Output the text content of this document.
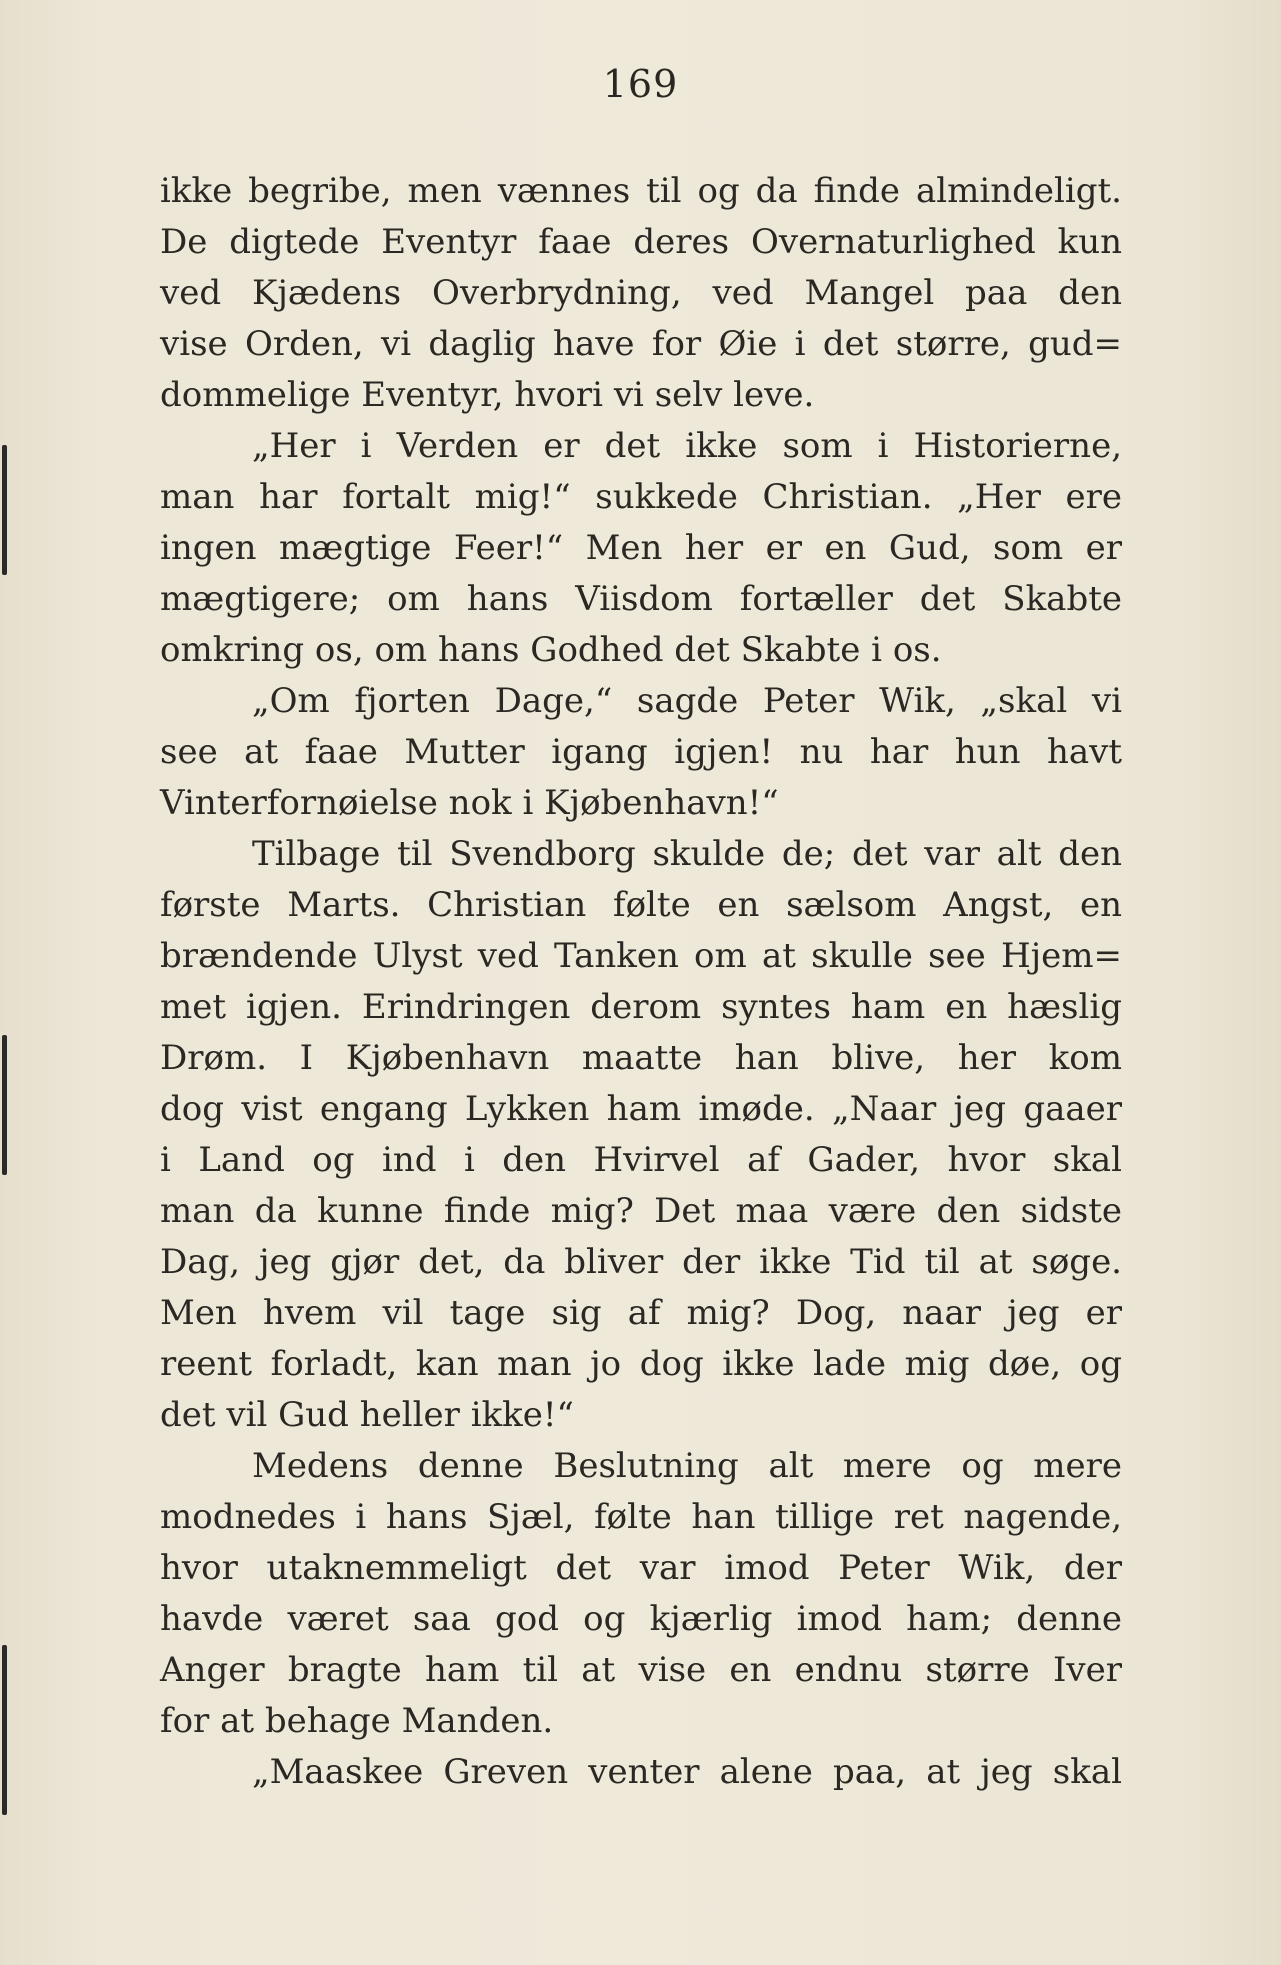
169
ikke begribe, men vænnes til og da finde almindeligt.
De digtede Eventyr faae deres Overnaturlighed kun
ved Kjædens Overbrydning, ved Mangel paa den
vise Orden, vi daglig have for Øie i det større, gud=
dommelige Eventyr, hvori vi selv leve.
„Her i Verden er det ikke som i Historierne,
man har fortalt mig!“ sukkede Christian. „Her ere
ingen mægtige Feer!“ Men her er en Gud, som er
mægtigere; om hans Viisdom fortæller det Skabte
omkring os, om hans Godhed det Skabte i os.
„Om fjorten Dage,“ sagde Peter Wik, „skal vi
see at faae Mutter igang igjen! nu har hun havt
Vinterfornøielse nok i Kjøbenhavn!“
Tilbage til Svendborg skulde de; det var alt den
første Marts. Christian følte en sælsom Angst, en
brændende Ulyst ved Tanken om at skulle see Hjem=
met igjen. Erindringen derom syntes ham en hæslig
Drøm. I Kjøbenhavn maatte han blive, her kom
dog vist engang Lykken ham imøde. „Naar jeg gaaer
i Land og ind i den Hvirvel af Gader, hvor skal
man da kunne finde mig? Det maa være den sidste
Dag, jeg gjør det, da bliver der ikke Tid til at søge.
Men hvem vil tage sig af mig? Dog, naar jeg er
reent forladt, kan man jo dog ikke lade mig døe, og
det vil Gud heller ikke!“
Medens denne Beslutning alt mere og mere
modnedes i hans Sjæl, følte han tillige ret nagende,
hvor utaknemmeligt det var imod Peter Wik, der
havde været saa god og kjærlig imod ham; denne
Anger bragte ham til at vise en endnu større Iver
for at behage Manden.
„Maaskee Greven venter alene paa, at jeg skal
